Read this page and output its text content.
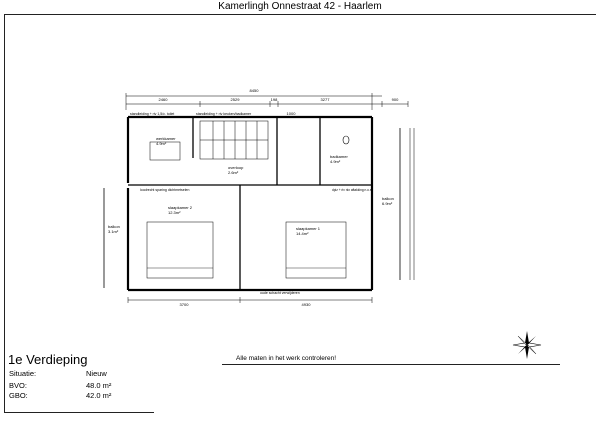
Kamerlingh Onnestraat 42 - Haarlem
8450
2460	2529	198	3277	900
1000
3700	4930
werkkamer
4.9m²
overloop
2.6m²
badkamer
4.9m²
slaapkamer 2
12.3m²
slaapkamer 1
14.4m²
balkon
3.1m²
balkon
6.9m²
standleiding + riv 1,5/c. toilet	standleiding + riv keuken/badkamer
loodrecht sparing dichtmetselen
oude schacht verwijderen
dpiz + riv rkx aftakking n.o.s
1e Verdieping
Situatie:	Nieuw
BVO:	48.0 m²
GBO:	42.0 m²
Alle maten in het werk controleren!
